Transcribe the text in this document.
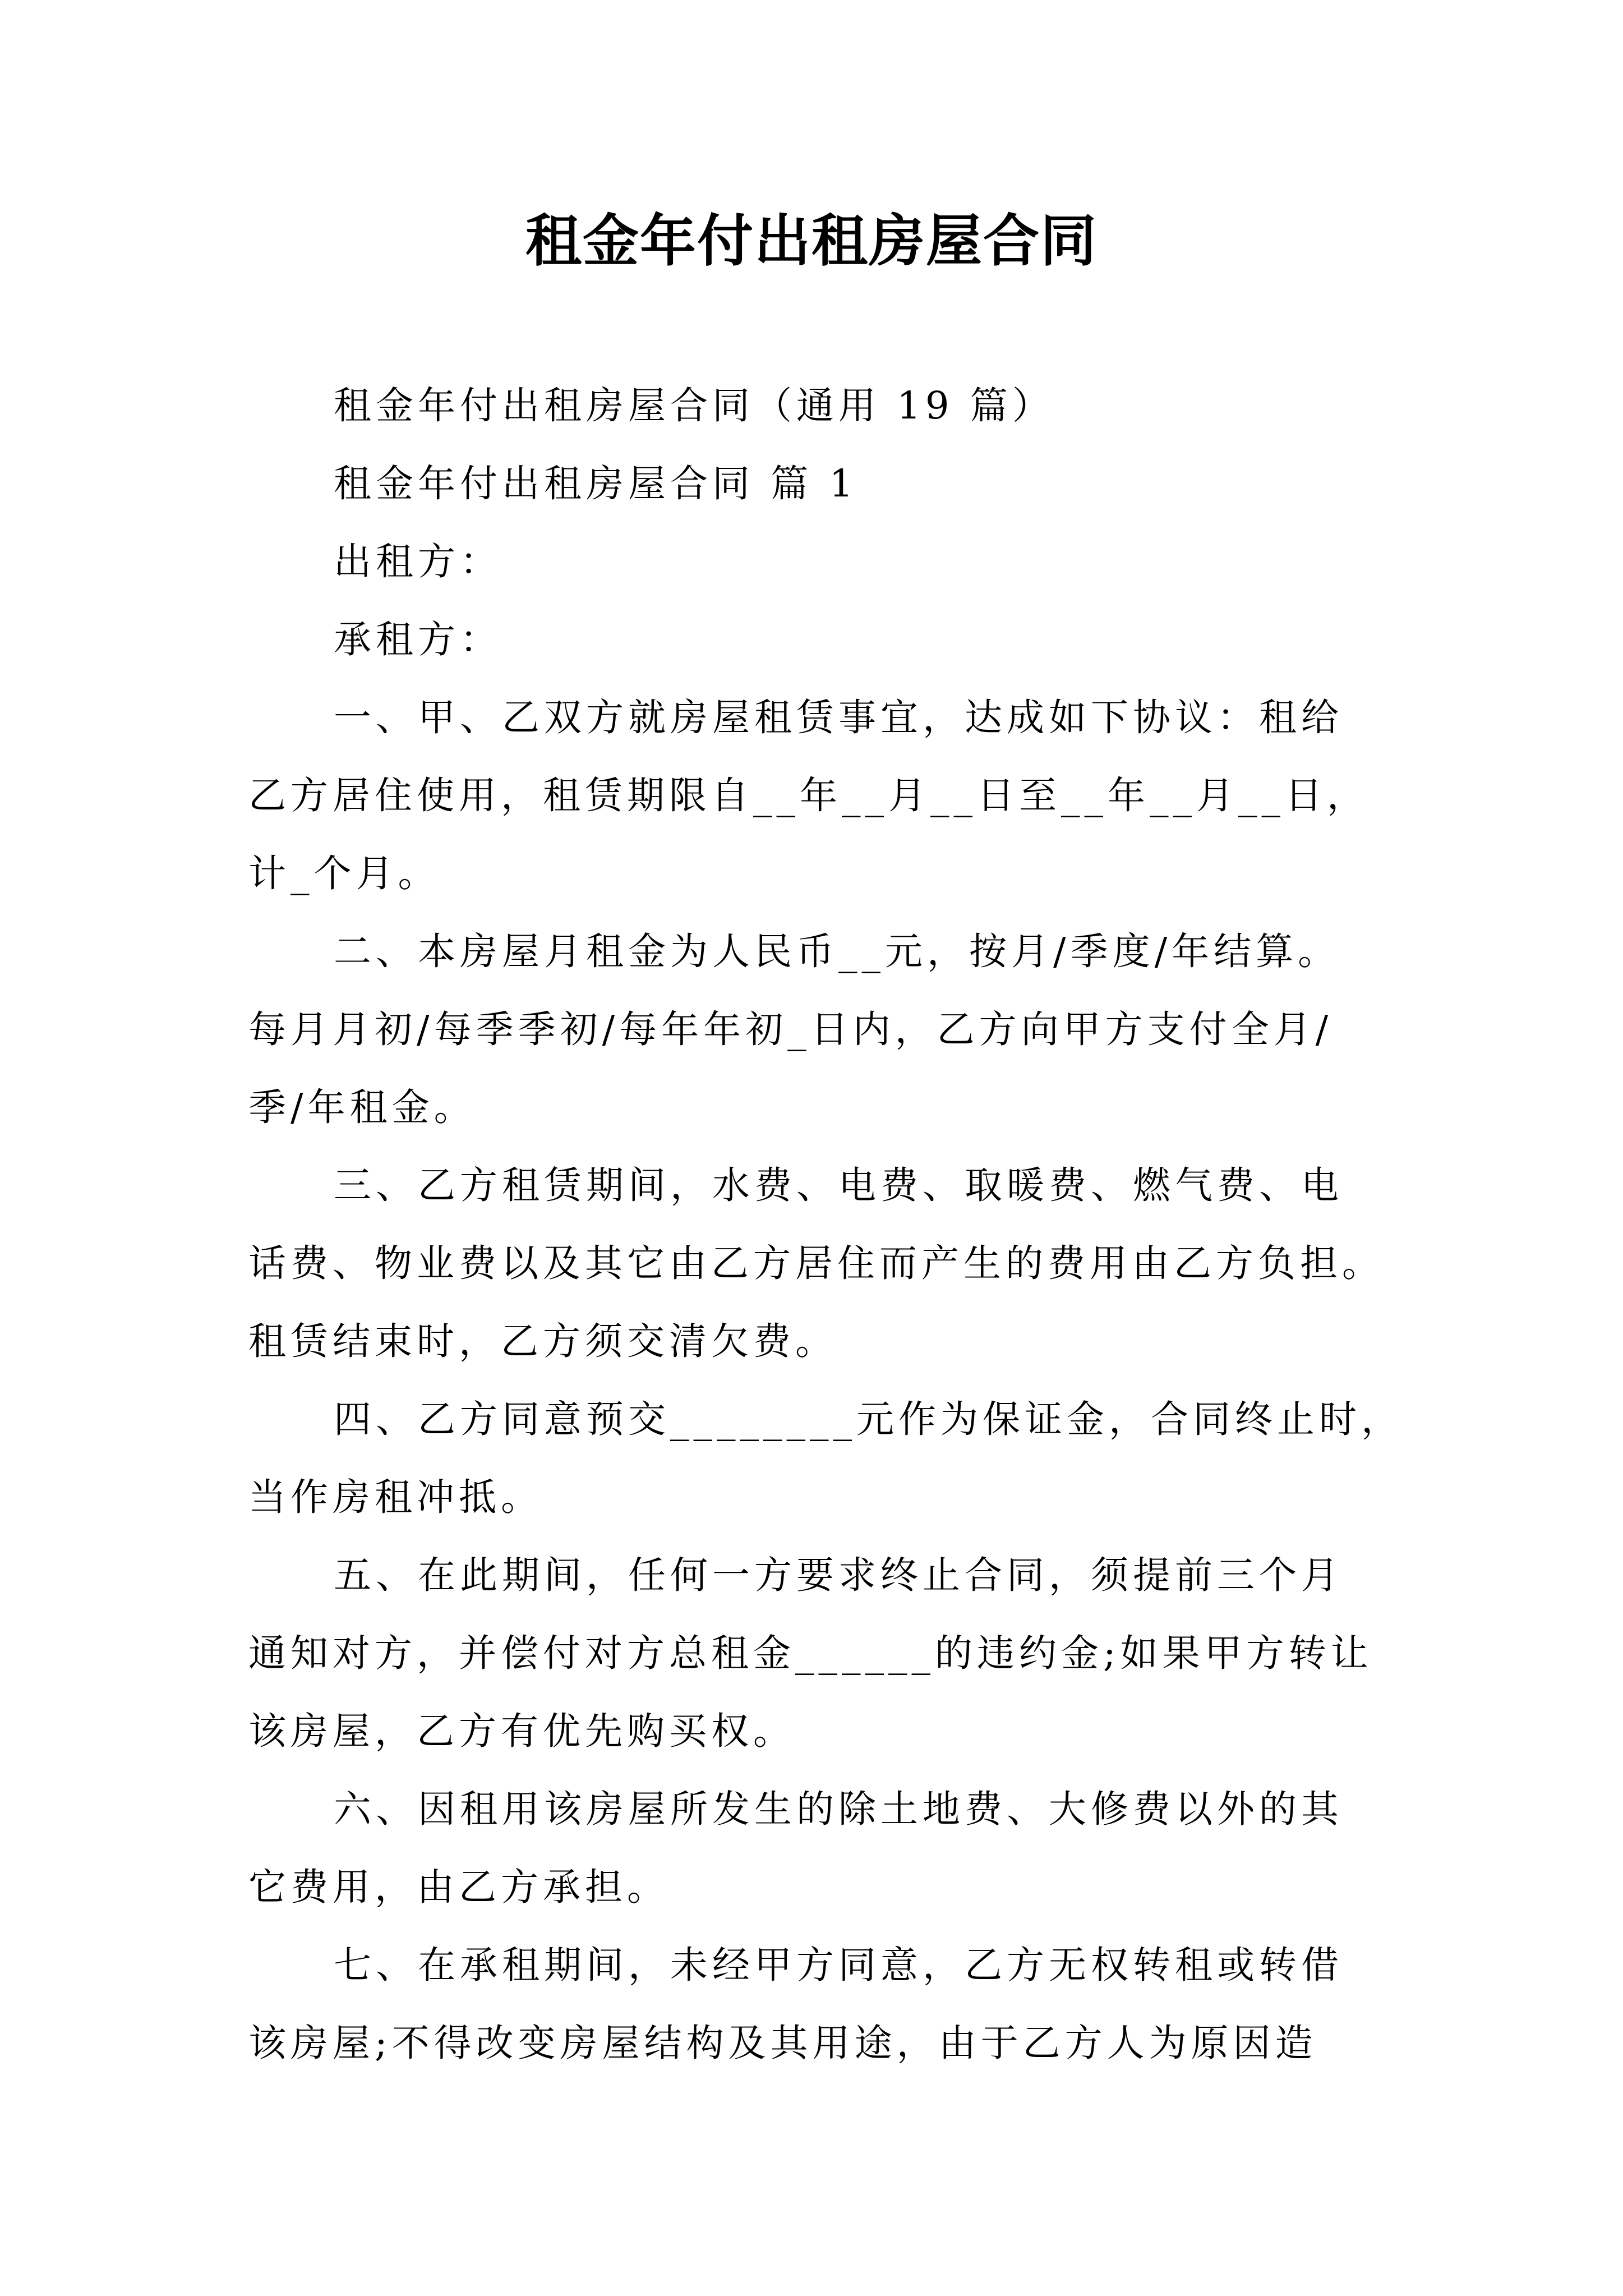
租金年付出租房屋合同
租金年付出租房屋合同（通用 19 篇）
租金年付出租房屋合同 篇 1
出租方：
承租方：
一、甲、乙双方就房屋租赁事宜，达成如下协议：租给
乙方居住使用，租赁期限自__年__月__日至__年__月__日，
计_个月。
二、本房屋月租金为人民币__元，按月/季度/年结算。
每月月初/每季季初/每年年初_日内，乙方向甲方支付全月/
季/年租金。
三、乙方租赁期间，水费、电费、取暖费、燃气费、电
话费、物业费以及其它由乙方居住而产生的费用由乙方负担。
租赁结束时，乙方须交清欠费。
四、乙方同意预交________元作为保证金，合同终止时，
当作房租冲抵。
五、在此期间，任何一方要求终止合同，须提前三个月
通知对方，并偿付对方总租金______的违约金;如果甲方转让
该房屋，乙方有优先购买权。
六、因租用该房屋所发生的除土地费、大修费以外的其
它费用，由乙方承担。
七、在承租期间，未经甲方同意，乙方无权转租或转借
该房屋;不得改变房屋结构及其用途，由于乙方人为原因造
